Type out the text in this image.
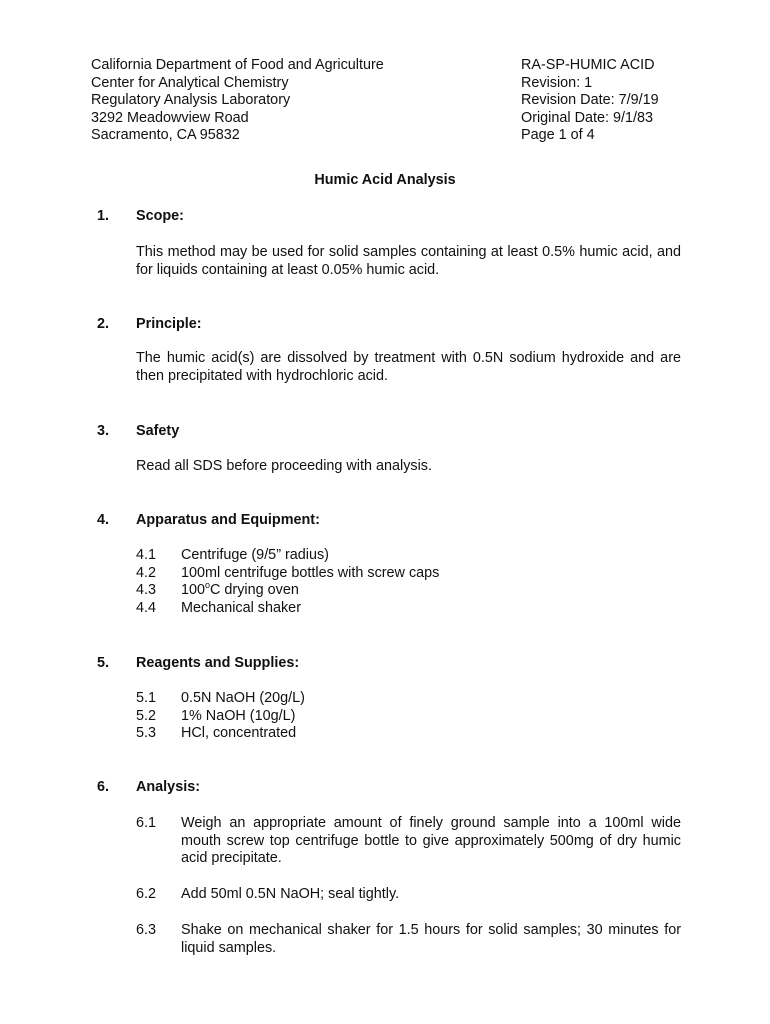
California Department of Food and Agriculture
Center for Analytical Chemistry
Regulatory Analysis Laboratory
3292 Meadowview Road
Sacramento, CA 95832
RA-SP-HUMIC ACID
Revision: 1
Revision Date: 7/9/19
Original Date: 9/1/83
Page 1 of 4
Humic Acid Analysis
1. Scope:
This method may be used for solid samples containing at least 0.5% humic acid, and for liquids containing at least 0.05% humic acid.
2. Principle:
The humic acid(s) are dissolved by treatment with 0.5N sodium hydroxide and are then precipitated with hydrochloric acid.
3. Safety
Read all SDS before proceeding with analysis.
4. Apparatus and Equipment:
4.1 Centrifuge (9/5” radius)
4.2 100ml centrifuge bottles with screw caps
4.3 100$^o$C drying oven
4.4 Mechanical shaker
5. Reagents and Supplies:
5.1 0.5N NaOH (20g/L)
5.2 1% NaOH (10g/L)
5.3 HCl, concentrated
6. Analysis:
6.1 Weigh an appropriate amount of finely ground sample into a 100ml wide mouth screw top centrifuge bottle to give approximately 500mg of dry humic acid precipitate.
6.2 Add 50ml 0.5N NaOH; seal tightly.
6.3 Shake on mechanical shaker for 1.5 hours for solid samples; 30 minutes for liquid samples.
